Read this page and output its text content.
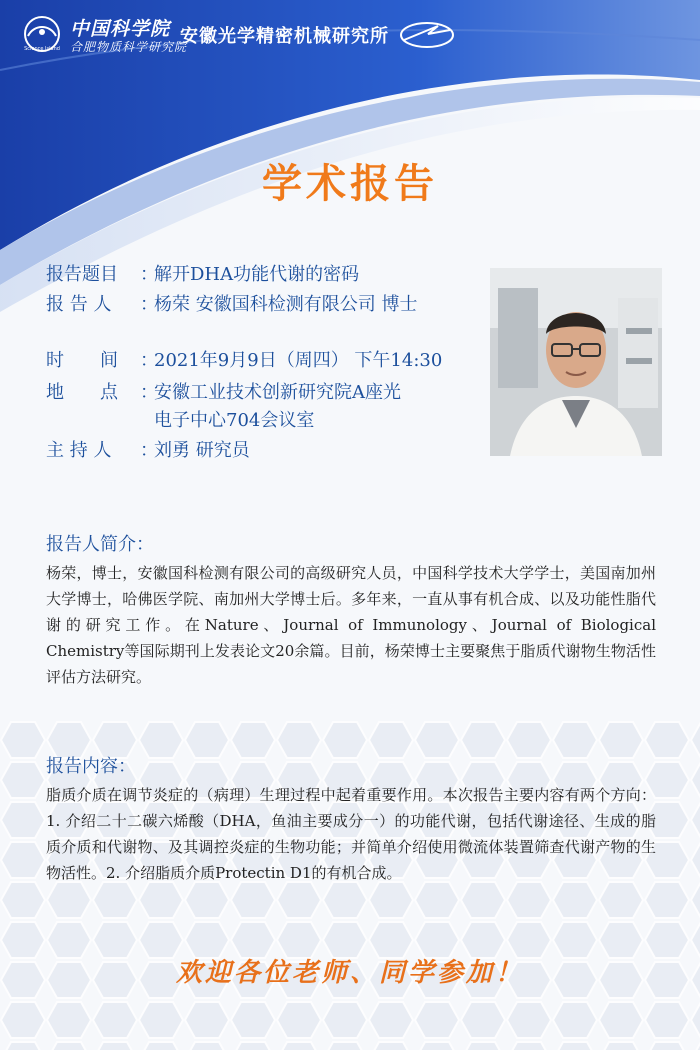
Science Island
中国科学院
合肥物质科学研究院
安徽光学精密机械研究所
学术报告
报告题目 ：解开DHA功能代谢的密码
报 告 人 ：杨荣 安徽国科检测有限公司 博士
时　　间 ：2021年9月9日（周四） 下午14:30
地　　点 ：安徽工业技术创新研究院A座光
电子中心704会议室
主 持 人 ：刘勇 研究员
报告人简介：
杨荣，博士，安徽国科检测有限公司的高级研究人员，中国科学技术大学学士，美国南加州大学博士，哈佛医学院、南加州大学博士后。多年来，一直从事有机合成、以及功能性脂代谢的研究工作。在Nature、Journal of Immunology、Journal of Biological Chemistry等国际期刊上发表论文20余篇。目前，杨荣博士主要聚焦于脂质代谢物生物活性评估方法研究。
报告内容：
脂质介质在调节炎症的（病理）生理过程中起着重要作用。本次报告主要内容有两个方向：1. 介绍二十二碳六烯酸（DHA，鱼油主要成分一）的功能代谢，包括代谢途径、生成的脂质介质和代谢物、及其调控炎症的生物功能；并简单介绍使用微流体装置筛查代谢产物的生物活性。2. 介绍脂质介质Protectin D1的有机合成。
欢迎各位老师、同学参加！
